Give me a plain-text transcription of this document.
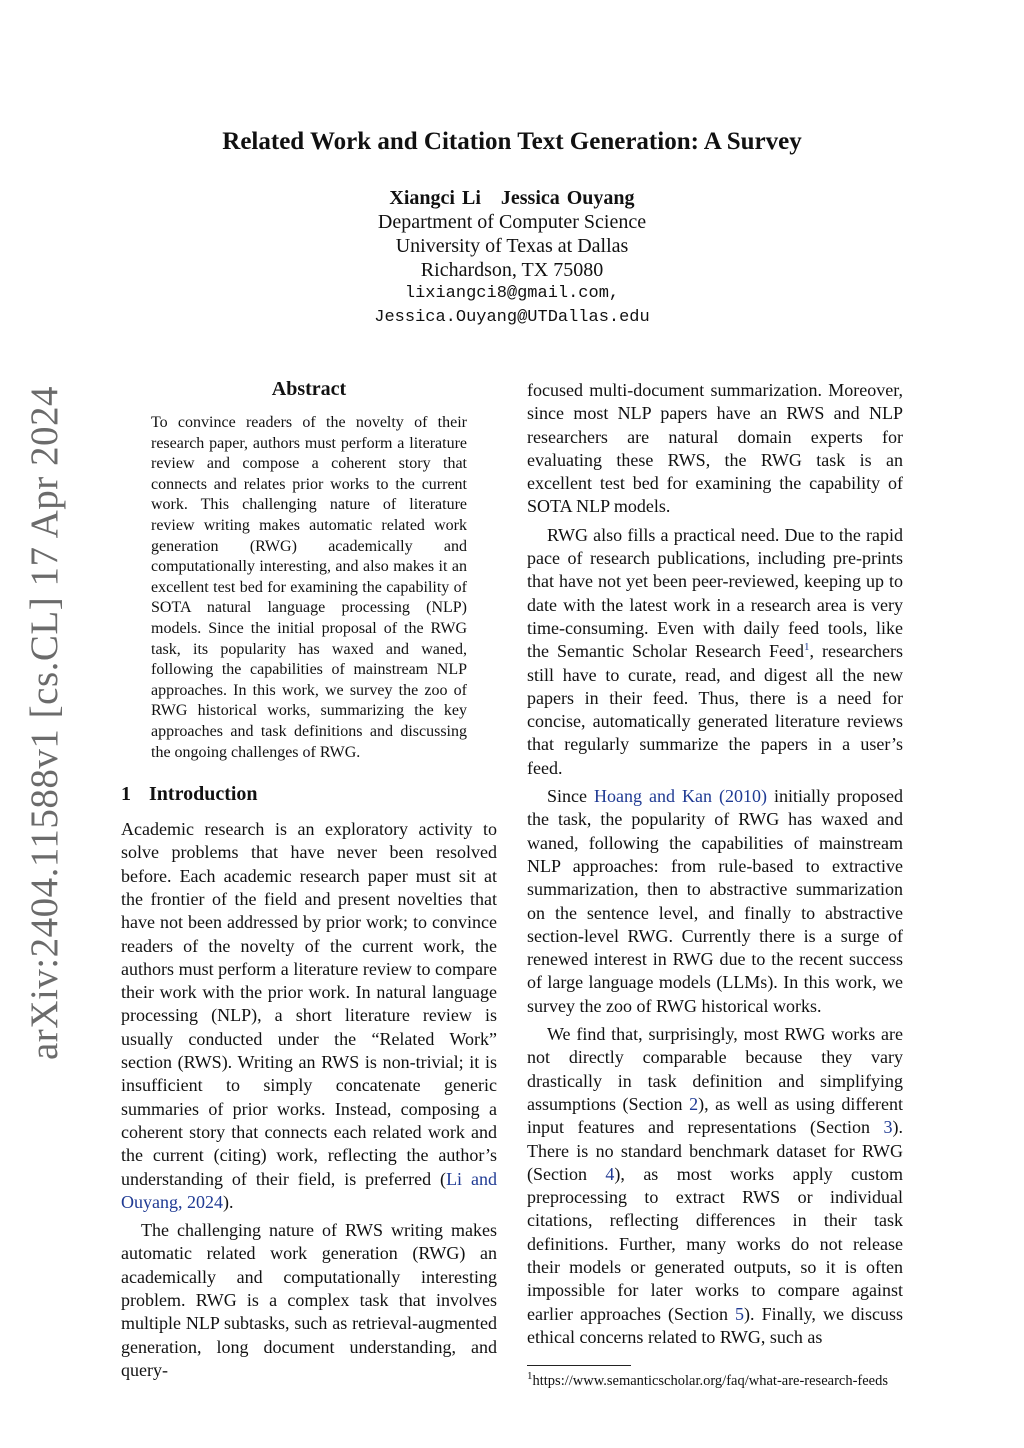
arXiv:2404.11588v1 [cs.CL] 17 Apr 2024
Related Work and Citation Text Generation: A Survey
Xiangci Li Jessica Ouyang
Department of Computer Science
University of Texas at Dallas
Richardson, TX 75080
lixiangci8@gmail.com,
Jessica.Ouyang@UTDallas.edu
Abstract
To convince readers of the novelty of their research paper, authors must perform a literature review and compose a coherent story that connects and relates prior works to the current work. This challenging nature of literature review writing makes automatic related work generation (RWG) academically and computationally interesting, and also makes it an excellent test bed for examining the capability of SOTA natural language processing (NLP) models. Since the initial proposal of the RWG task, its popularity has waxed and waned, following the capabilities of mainstream NLP approaches. In this work, we survey the zoo of RWG historical works, summarizing the key approaches and task definitions and discussing the ongoing challenges of RWG.
1 Introduction

Academic research is an exploratory activity to solve problems that have never been resolved before. Each academic research paper must sit at the frontier of the field and present novelties that have not been addressed by prior work; to convince readers of the novelty of the current work, the authors must perform a literature review to compare their work with the prior work. In natural language processing (NLP), a short literature review is usually conducted under the “Related Work” section (RWS). Writing an RWS is non-trivial; it is insufficient to simply concatenate generic summaries of prior works. Instead, composing a coherent story that connects each related work and the current (citing) work, reflecting the author’s understanding of their field, is preferred (Li and Ouyang, 2024).

The challenging nature of RWS writing makes automatic related work generation (RWG) an academically and computationally interesting problem. RWG is a complex task that involves multiple NLP subtasks, such as retrieval-augmented generation, long document understanding, and query-

focused multi-document summarization. Moreover, since most NLP papers have an RWS and NLP researchers are natural domain experts for evaluating these RWS, the RWG task is an excellent test bed for examining the capability of SOTA NLP models.

RWG also fills a practical need. Due to the rapid pace of research publications, including pre-prints that have not yet been peer-reviewed, keeping up to date with the latest work in a research area is very time-consuming. Even with daily feed tools, like the Semantic Scholar Research Feed$^1$, researchers still have to curate, read, and digest all the new papers in their feed. Thus, there is a need for concise, automatically generated literature reviews that regularly summarize the papers in a user’s feed.

Since Hoang and Kan (2010) initially proposed the task, the popularity of RWG has waxed and waned, following the capabilities of mainstream NLP approaches: from rule-based to extractive summarization, then to abstractive summarization on the sentence level, and finally to abstractive section-level RWG. Currently there is a surge of renewed interest in RWG due to the recent success of large language models (LLMs). In this work, we survey the zoo of RWG historical works.

We find that, surprisingly, most RWG works are not directly comparable because they vary drastically in task definition and simplifying assumptions (Section 2), as well as using different input features and representations (Section 3). There is no standard benchmark dataset for RWG (Section 4), as most works apply custom preprocessing to extract RWS or individual citations, reflecting differences in their task definitions. Further, many works do not release their models or generated outputs, so it is often impossible for later works to compare against earlier approaches (Section 5). Finally, we discuss ethical concerns related to RWG, such as

$^1$https://www.semanticscholar.org/faq/what-are-research-feeds
